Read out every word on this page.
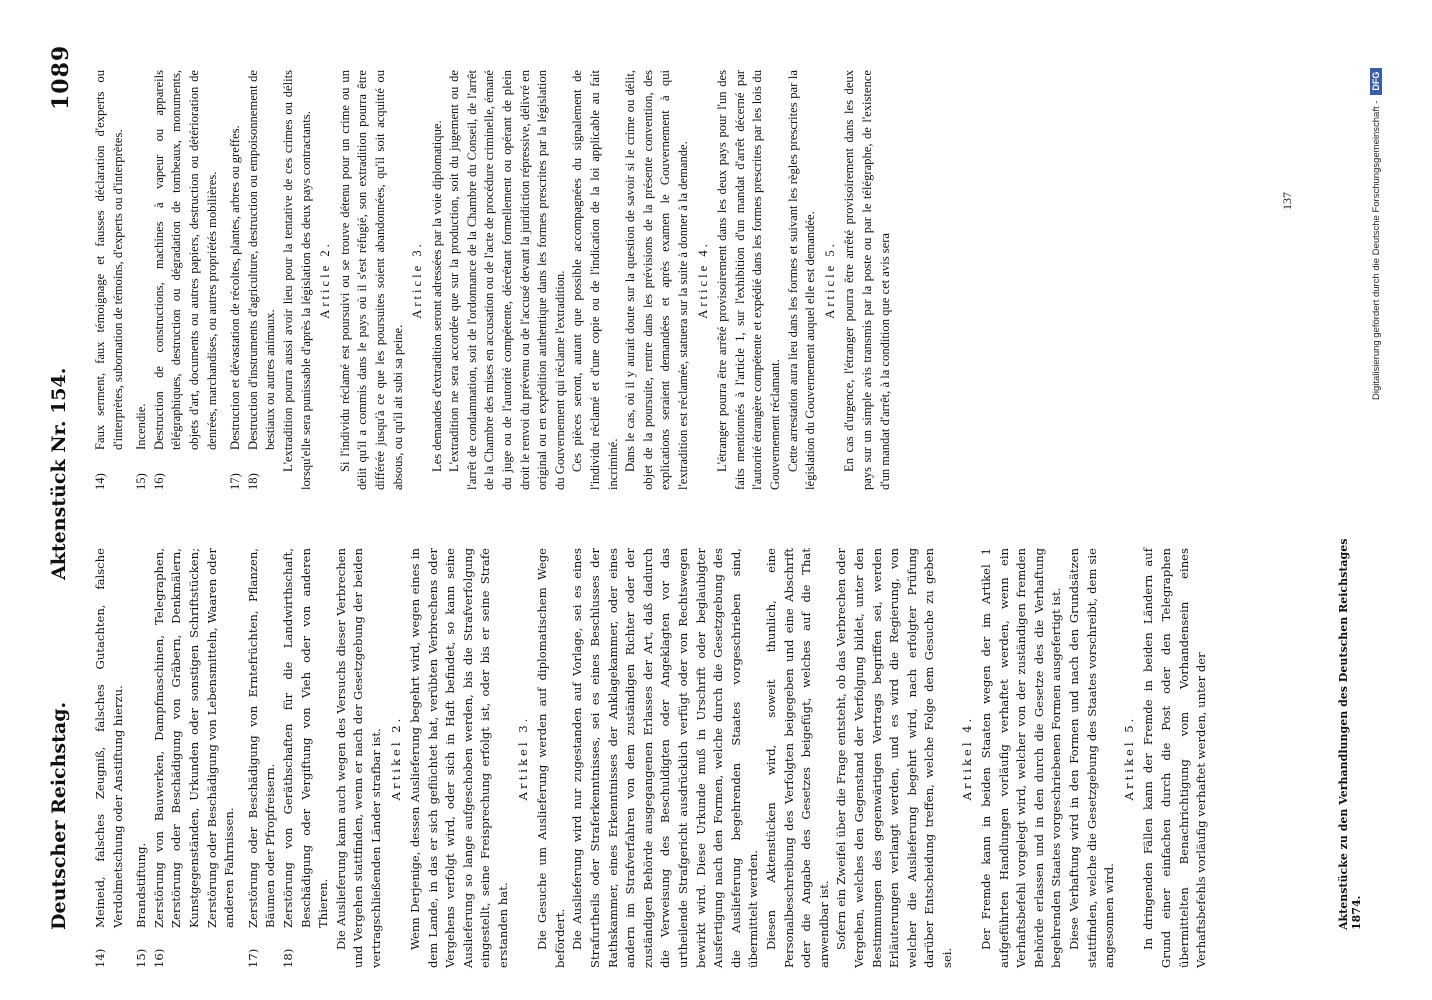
Deutscher Reichstag.
Aktenstück Nr. 154.
1089
14)
Meineid, falsches Zeugniß, falsches Gutachten, falsche Verdolmetschung oder Anstiftung hierzu.
15)
Brandstiftung.
16)
Zerstörung von Bauwerken, Dampfmaschinen, Telegraphen, Zerstörung oder Beschädigung von Gräbern, Denkmälern, Kunstgegenständen, Urkunden oder sonstigen Schriftstücken; Zerstörung oder Beschädigung von Lebensmitteln, Waaren oder anderen Fahrnissen.
17)
Zerstörung oder Beschädigung von Erntefrüchten, Pflanzen, Bäumen oder Pfropfreisern.
18)
Zerstörung von Geräthschaften für die Landwirthschaft, Beschädigung oder Vergiftung von Vieh oder von anderen Thieren. Die Auslieferung kann auch wegen des Versuchs dieser Verbrechen und Vergehen stattfinden, wenn er nach der Gesetzgebung der beiden vertragschließenden Länder strafbar ist. Artikel 2. Wenn Derjenige, dessen Auslieferung begehrt wird, wegen eines in dem Lande, in das er sich geflüchtet hat, verübten Verbrechens oder Vergehens verfolgt wird, oder sich in Haft befindet, so kann seine Auslieferung so lange aufgeschoben werden, bis die Strafverfolgung eingestellt, seine Freisprechung erfolgt ist, oder bis er seine Strafe erstanden hat.

Artikel 3. Die Gesuche um Auslieferung werden auf diplomatischem Wege befördert. Die Auslieferung wird nur zugestanden auf Vorlage, sei es eines Strafurtheils oder Straferkenntnisses, sei es eines Beschlusses der Rathskammer, eines Erkenntnisses der Anklagekammer, oder eines andern im Strafverfahren von dem zuständigen Richter oder der zuständigen Behörde ausgegangenen Erlasses der Art, daß dadurch die Verweisung des Beschuldigten oder Angeklagten vor das urtheilende Strafgericht ausdrücklich verfügt oder von Rechtswegen bewirkt wird. Diese Urkunde muß in Urschrift oder beglaubigter Ausfertigung nach den Formen, welche durch die Gesetzgebung des die Auslieferung begehrenden Staates vorgeschrieben sind, übermittelt werden. Diesen Aktenstücken wird, soweit thunlich, eine Personalbeschreibung des Verfolgten beigegeben und eine Abschrift oder die Angabe des Gesetzes beigefügt, welches auf die That anwendbar ist. Sofern ein Zweifel über die Frage entsteht, ob das Verbrechen oder Vergehen, welches den Gegenstand der Verfolgung bildet, unter den Bestimmungen des gegenwärtigen Vertrags begriffen sei, werden Erläuterungen verlangt werden, und es wird die Regierung, von welcher die Auslieferung begehrt wird, nach erfolgter Prüfung darüber Entscheidung treffen, welche Folge dem Gesuche zu geben sei.

Artikel 4. Der Fremde kann in beiden Staaten wegen der im Artikel 1 aufgeführten Handlungen vorläufig verhaftet werden, wenn ein Verhaftsbefehl vorgelegt wird, welcher von der zuständigen fremden Behörde erlassen und in den durch die Gesetze des die Verhaftung begehrenden Staates vorgeschriebenen Formen ausgefertigt ist. Diese Verhaftung wird in den Formen und nach den Grundsätzen stattfinden, welche die Gesetzgebung des Staates vorschreibt, dem sie angesonnen wird.

Artikel 5. In dringenden Fällen kann der Fremde in beiden Ländern auf Grund einer einfachen durch die Post oder den Telegraphen übermittelten Benachrichtigung vom Vorhandensein eines Verhaftsbefehls vorläufig verhaftet werden, unter der

14)
Faux serment, faux témoignage et fausses déclaration d'experts ou d'interprètes, subornation de témoins, d'experts ou d'interprètes.
15)
Incendie.
16)
Destruction de constructions, machines à vapeur ou appareils télégraphiques, destruction ou dégradation de tombeaux, monuments, objets d'art, documents ou autres papiers, destruction ou détérioration de denrées, marchandises, ou autres propriétés mobilières.
17)
Destruction et dévastation de récoltes, plantes, arbres ou greffes.
18)
Destruction d'instruments d'agriculture, destruction ou empoisonnement de bestiaux ou autres animaux. L'extradition pourra aussi avoir lieu pour la tentative de ces crimes ou délits lorsqu'elle sera punissable d'après la législation des deux pays contractants. Article 2. Si l'individu réclamé est poursuivi ou se trouve détenu pour un crime ou un délit qu'il a commis dans le pays où il s'est réfugié, son extradition pourra être différée jusqu'à ce que les poursuites soient abandonnées, qu'il soit acquitté ou absous, ou qu'il ait subi sa peine.

Article 3. Les demandes d'extradition seront adressées par la voie diplomatique. L'extradition ne sera accordée que sur la production, soit du jugement ou de l'arrêt de condamnation, soit de l'ordonnance de la Chambre du Conseil, de l'arrêt de la Chambre des mises en accusation ou de l'acte de procédure criminelle, émané du juge ou de l'autorité compétente, décrétant formellement ou opérant de plein droit le renvoi du prévenu ou de l'accusé devant la juridiction répressive, délivré en original ou en expédition authentique dans les formes prescrites par la législation du Gouvernement qui réclame l'extradition. Ces pièces seront, autant que possible accompagnées du signalement de l'individu réclamé et d'une copie ou de l'indication de la loi applicable au fait incriminé. Dans le cas, où il y aurait doute sur la question de savoir si le crime ou délit, objet de la poursuite, rentre dans les prévisions de la présente convention, des explications seraient demandées et après examen le Gouvernement à qui l'extradition est réclamée, statuera sur la suite à donner à la demande. Article 4. L'étranger pourra être arrêté provisoirement dans les deux pays pour l'un des faits mentionnés à l'article 1, sur l'exhibition d'un mandat d'arrêt décerné par l'autorité étrangère compétente et expédié dans les formes prescrites par les lois du Gouvernement réclamant. Cette arrestation aura lieu dans les formes et suivant les règles prescrites par la législation du Gouvernement auquel elle est demandée. Article 5. En cas d'urgence, l'étranger pourra être arrêté provisoirement dans les deux pays sur un simple avis transmis par la poste ou par le télégraphe, de l'existence d'un mandat d'arrêt, à la condition que cet avis sera

137
Aktenstücke zu den Verhandlungen des Deutschen Reichstages 1874.
Digitalisierung gefördert durch die Deutsche Forschungsgemeinschaft -DFG
